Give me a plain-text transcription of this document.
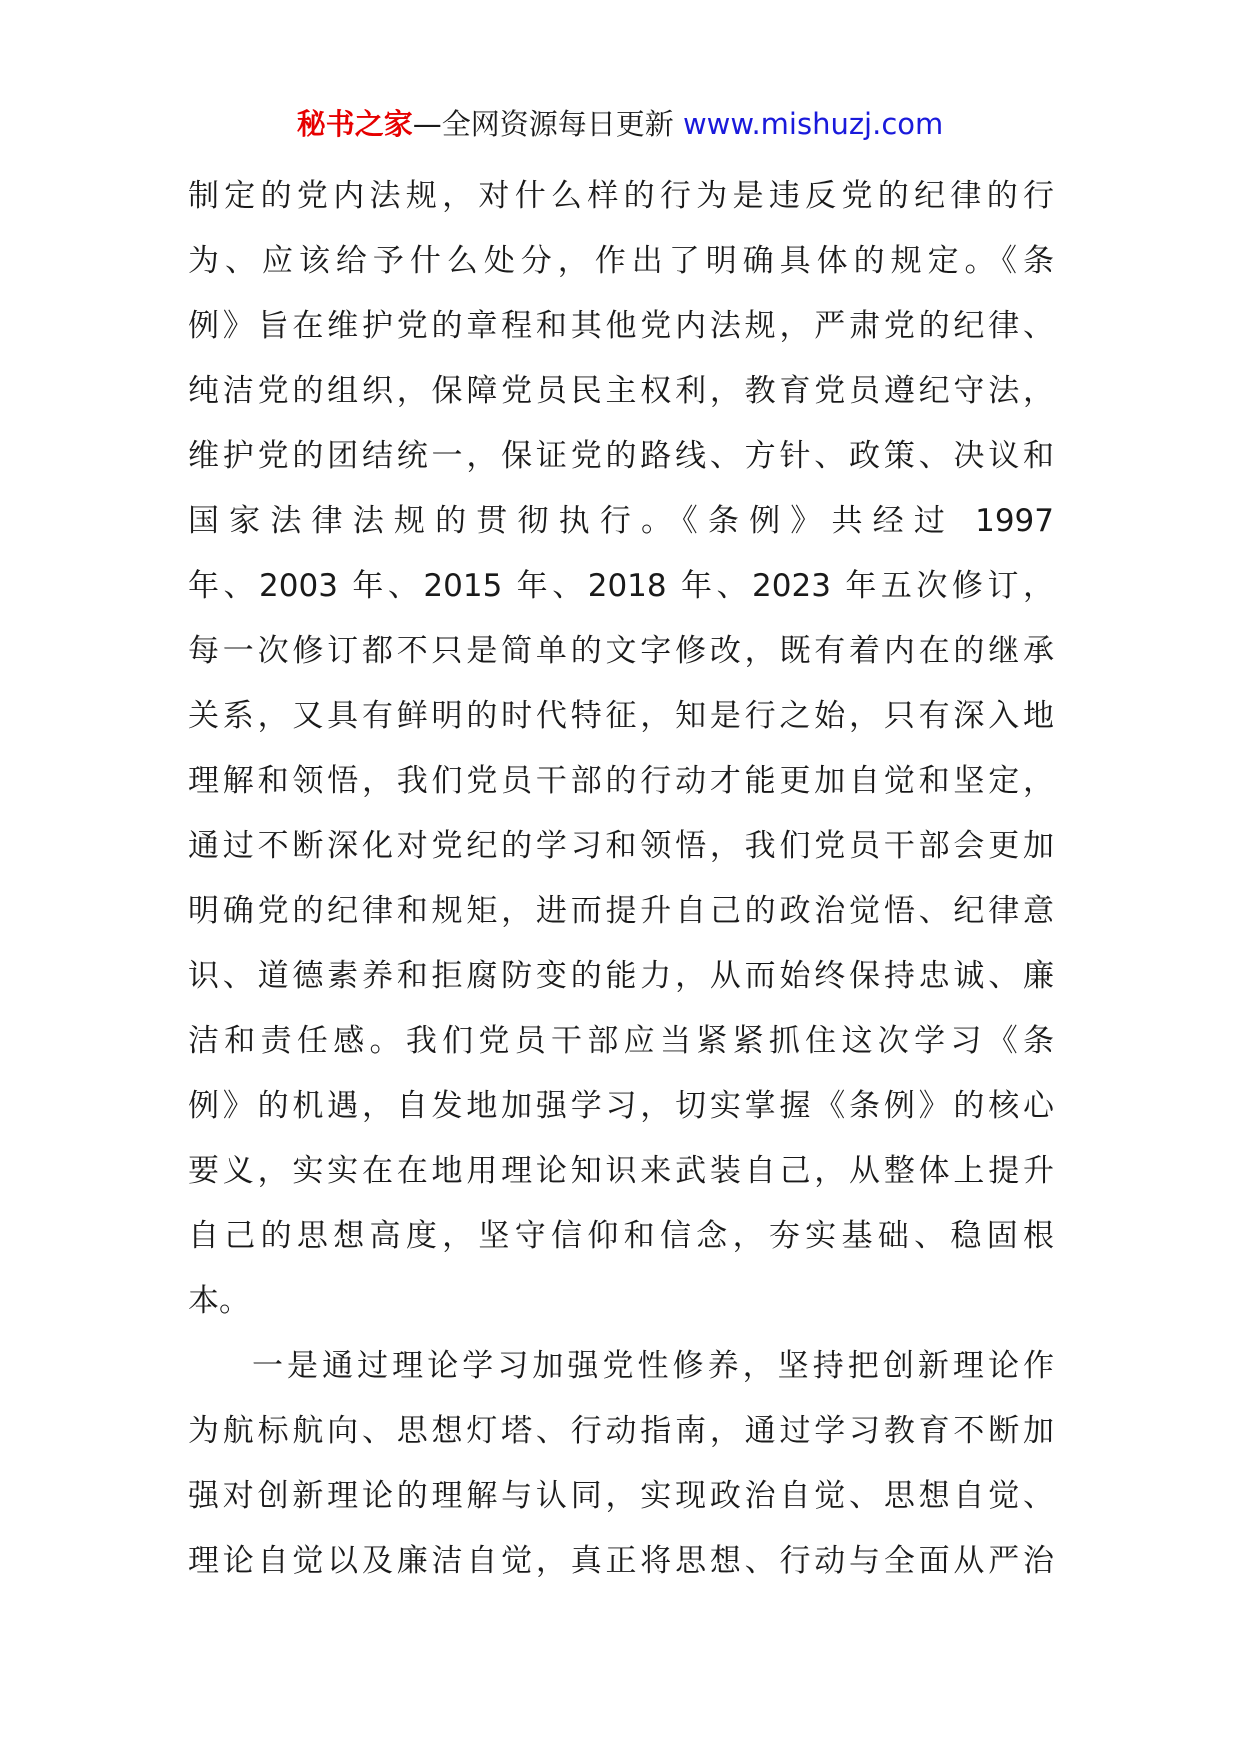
秘书之家—全网资源每日更新 www.mishuzj.com
制定的党内法规，对什么样的行为是违反党的纪律的行
为、应该给予什么处分，作出了明确具体的规定。《条
例》旨在维护党的章程和其他党内法规，严肃党的纪律、
纯洁党的组织，保障党员民主权利，教育党员遵纪守法，
维护党的团结统一，保证党的路线、方针、政策、决议和
国家法律法规的贯彻执行。《条例》共经过 1997
年、2003 年、2015 年、2018 年、2023 年五次修订，
每一次修订都不只是简单的文字修改，既有着内在的继承
关系，又具有鲜明的时代特征，知是行之始，只有深入地
理解和领悟，我们党员干部的行动才能更加自觉和坚定，
通过不断深化对党纪的学习和领悟，我们党员干部会更加
明确党的纪律和规矩，进而提升自己的政治觉悟、纪律意
识、道德素养和拒腐防变的能力，从而始终保持忠诚、廉
洁和责任感。我们党员干部应当紧紧抓住这次学习《条
例》的机遇，自发地加强学习，切实掌握《条例》的核心
要义，实实在在地用理论知识来武装自己，从整体上提升
自己的思想高度，坚守信仰和信念，夯实基础、稳固根
本。
一是通过理论学习加强党性修养，坚持把创新理论作
为航标航向、思想灯塔、行动指南，通过学习教育不断加
强对创新理论的理解与认同，实现政治自觉、思想自觉、
理论自觉以及廉洁自觉，真正将思想、行动与全面从严治
